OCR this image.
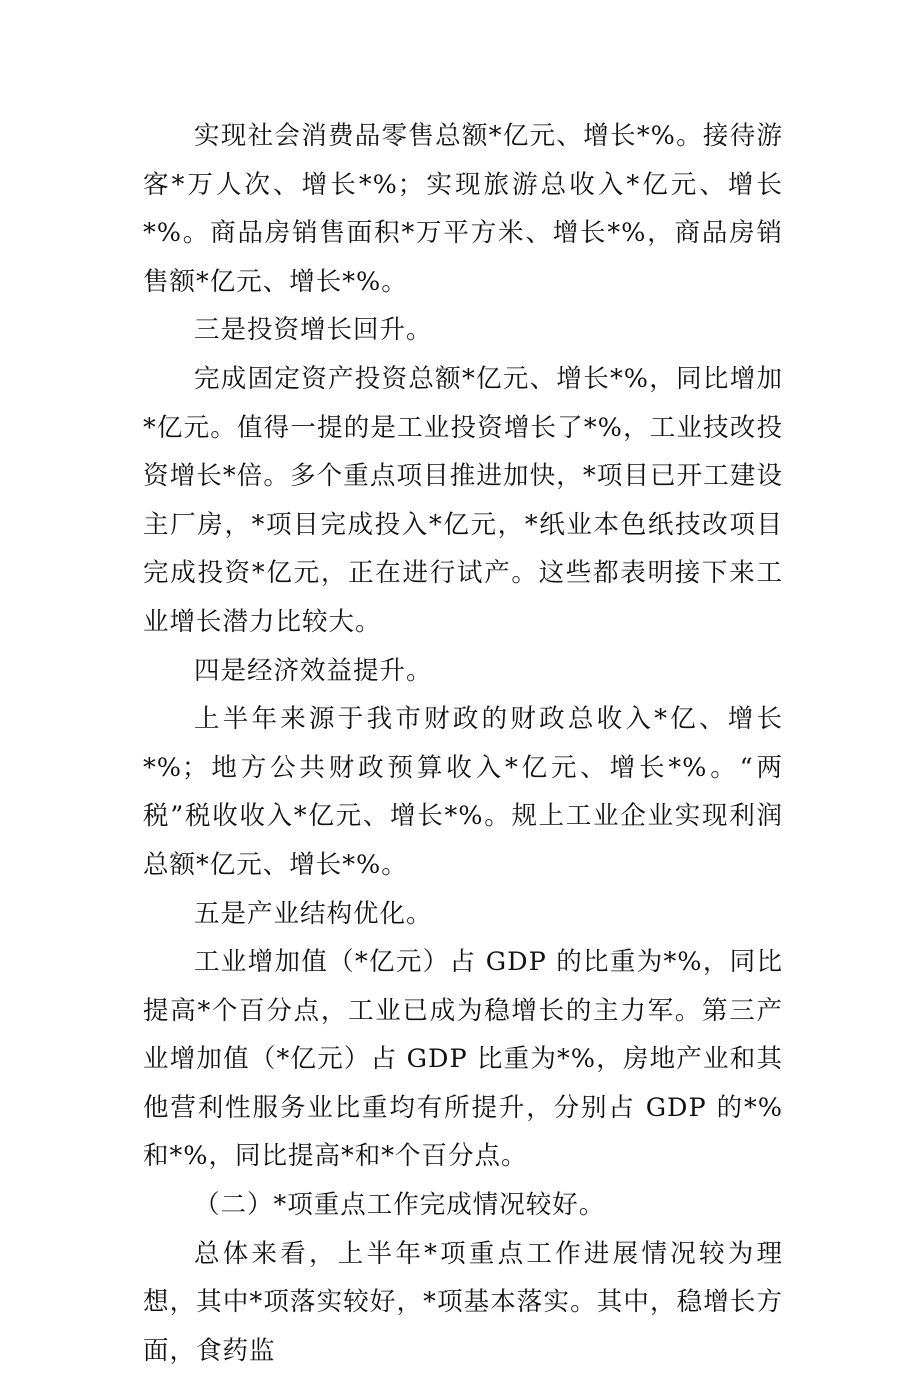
实现社会消费品零售总额*亿元、增长*%。接待游客*万人次、增长*%；实现旅游总收入*亿元、增长*%。商品房销售面积*万平方米、增长*%，商品房销售额*亿元、增长*%。

三是投资增长回升。

完成固定资产投资总额*亿元、增长*%，同比增加*亿元。值得一提的是工业投资增长了*%，工业技改投资增长*倍。多个重点项目推进加快，*项目已开工建设主厂房，*项目完成投入*亿元，*纸业本色纸技改项目完成投资*亿元，正在进行试产。这些都表明接下来工业增长潜力比较大。

四是经济效益提升。

上半年来源于我市财政的财政总收入*亿、增长*%；地方公共财政预算收入*亿元、增长*%。“两税”税收收入*亿元、增长*%。规上工业企业实现利润总额*亿元、增长*%。

五是产业结构优化。

工业增加值（*亿元）占 GDP 的比重为*%，同比提高*个百分点，工业已成为稳增长的主力军。第三产业增加值（*亿元）占 GDP 比重为*%，房地产业和其他营利性服务业比重均有所提升，分别占 GDP 的*%和*%，同比提高*和*个百分点。

（二）*项重点工作完成情况较好。

总体来看，上半年*项重点工作进展情况较为理想，其中*项落实较好，*项基本落实。其中，稳增长方面，食药监
